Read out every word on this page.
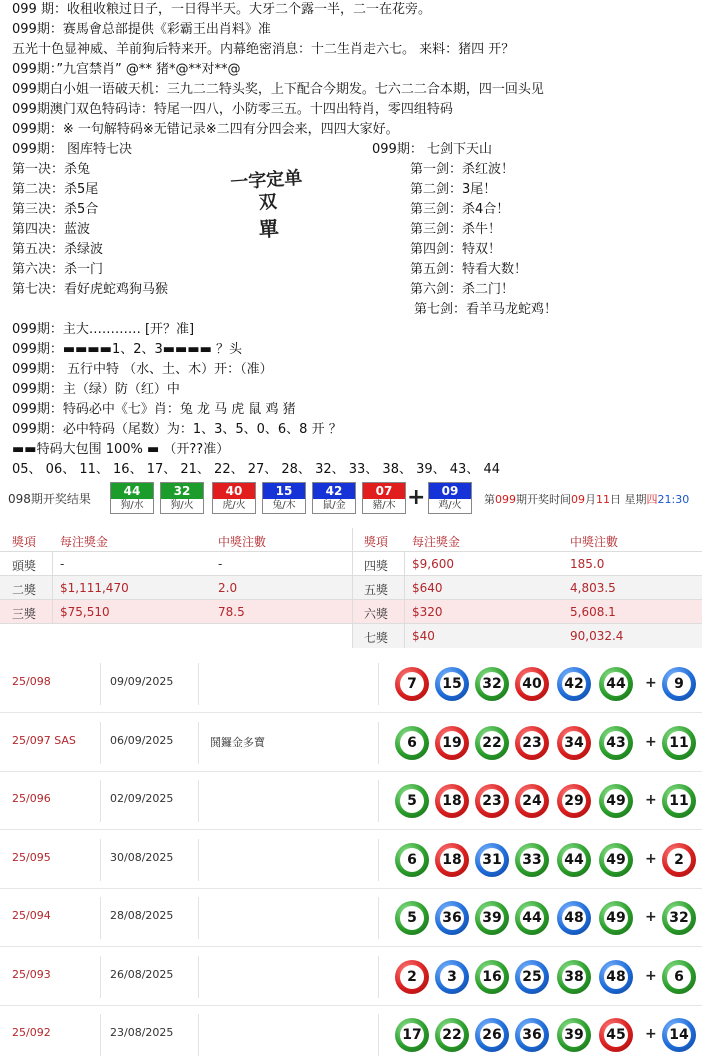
099 期：收租收粮过日子，一日得半天。大牙二个露一半，二一在花旁。
099期：赛馬會总部提供《彩霸王出肖料》准
五光十色显神威、羊前狗后特来开。内幕绝密消息：十二生肖走六七。 来料：猪四 开？
099期：”九宫禁肖” @** 猪*@**对**@
099期白小姐一语破天机：三九二二特头奖，上下配合今期发。七六二二合本期，四一回头见
099期澳门双色特码诗：特尾一四八，小防零三五。十四出特肖，零四组特码
099期：※ 一句解特码※无错记录※二四有分四会来，四四大家好。
099期： 图库特七决	099期： 七剑下天山
第一决：杀兔
第二决：杀5尾
第三决：杀5合
第四决：蓝波
第五决：杀绿波
第六决：杀一门
第七决：看好虎蛇鸡狗马猴
第一剑：杀红波！
第二剑：3尾！
第三剑：杀4合！
第三剑：杀牛！
第四剑：特双！
第五剑：特看大数！
第六剑：杀二门！
第七剑：看羊马龙蛇鸡！
一字定单双
單
099期：主大………… [开？准]
099期：▬▬▬▬1、2、3▬▬▬▬ ？头
099期： 五行中特 （水、土、木）开：（准）
099期：主（绿）防（红）中
099期：特码必中《七》肖：兔 龙 马 虎 鼠 鸡 猪
099期：必中特码（尾数）为：1、3、5、0、6、8 开 ？
▬▬特码大包围 100% ▬ （开??准）
05、 06、 11、 16、 17、 21、 22、 27、 28、 32、 33、 38、 39、 43、 44
098期开奖结果
44
狗/水
32
狗/火
40
虎/火
15
兔/木
42
鼠/金
07
豬/木
09
鸡/火
+	第099期开奖时间09月11日 星期四21:30
獎項 每注獎金	中獎注數	獎項 每注獎金	中獎注數
頭獎 -	-	四獎 $9,600	185.0
二獎 $1,111,470	2.0	五獎 $640	4,803.5
三獎 $75,510	78.5	六獎 $320	5,608.1
七獎 $40	90,032.4
25/098	09/09/2025	7	15 32 40 42 44 +	9
25/097 SAS	06/09/2025	鬨鑼金多寶	6	19 22 23 34 43 + 11
25/096	02/09/2025	5	18 23 24 29 49 + 11
25/095	30/08/2025	6	18 31 33 44 49 +	2
25/094	28/08/2025	5	36 39 44 48 49 + 32
25/093	26/08/2025	2	3	16 25 38 48 +	6
25/092	23/08/2025	17 22 26 36 39 45 + 14
